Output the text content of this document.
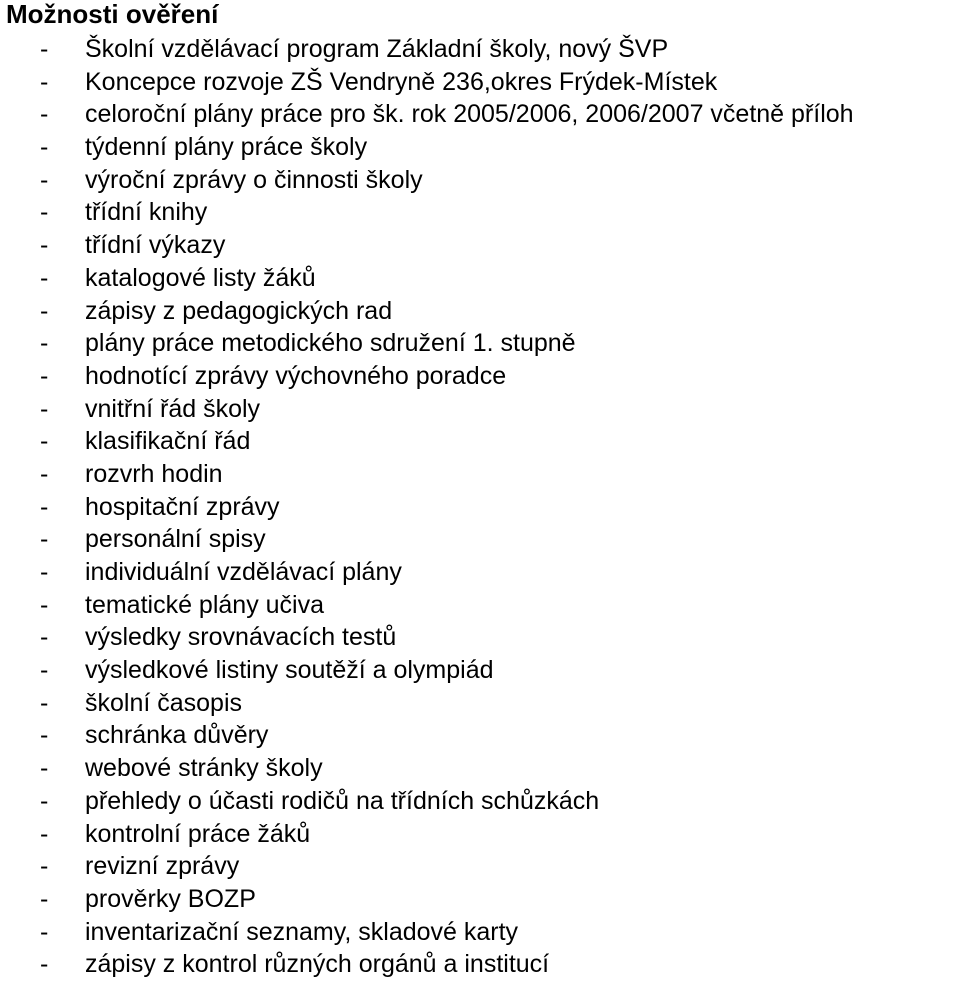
Možnosti ověření
- Školní vzdělávací program Základní školy, nový ŠVP
- Koncepce rozvoje ZŠ Vendryně 236,okres Frýdek-Místek
- celoroční plány práce pro šk. rok 2005/2006, 2006/2007 včetně příloh
- týdenní plány práce školy
- výroční zprávy o činnosti školy
- třídní knihy
- třídní výkazy
- katalogové listy žáků
- zápisy z pedagogických rad
- plány práce metodického sdružení 1. stupně
- hodnotící zprávy výchovného poradce
- vnitřní řád školy
- klasifikační řád
- rozvrh hodin
- hospitační zprávy
- personální spisy
- individuální vzdělávací plány
- tematické plány učiva
- výsledky srovnávacích testů
- výsledkové listiny soutěží a olympiád
- školní časopis
- schránka důvěry
- webové stránky školy
- přehledy o účasti rodičů na třídních schůzkách
- kontrolní práce žáků
- revizní zprávy
- prověrky BOZP
- inventarizační seznamy, skladové karty
- zápisy z kontrol různých orgánů a institucí
